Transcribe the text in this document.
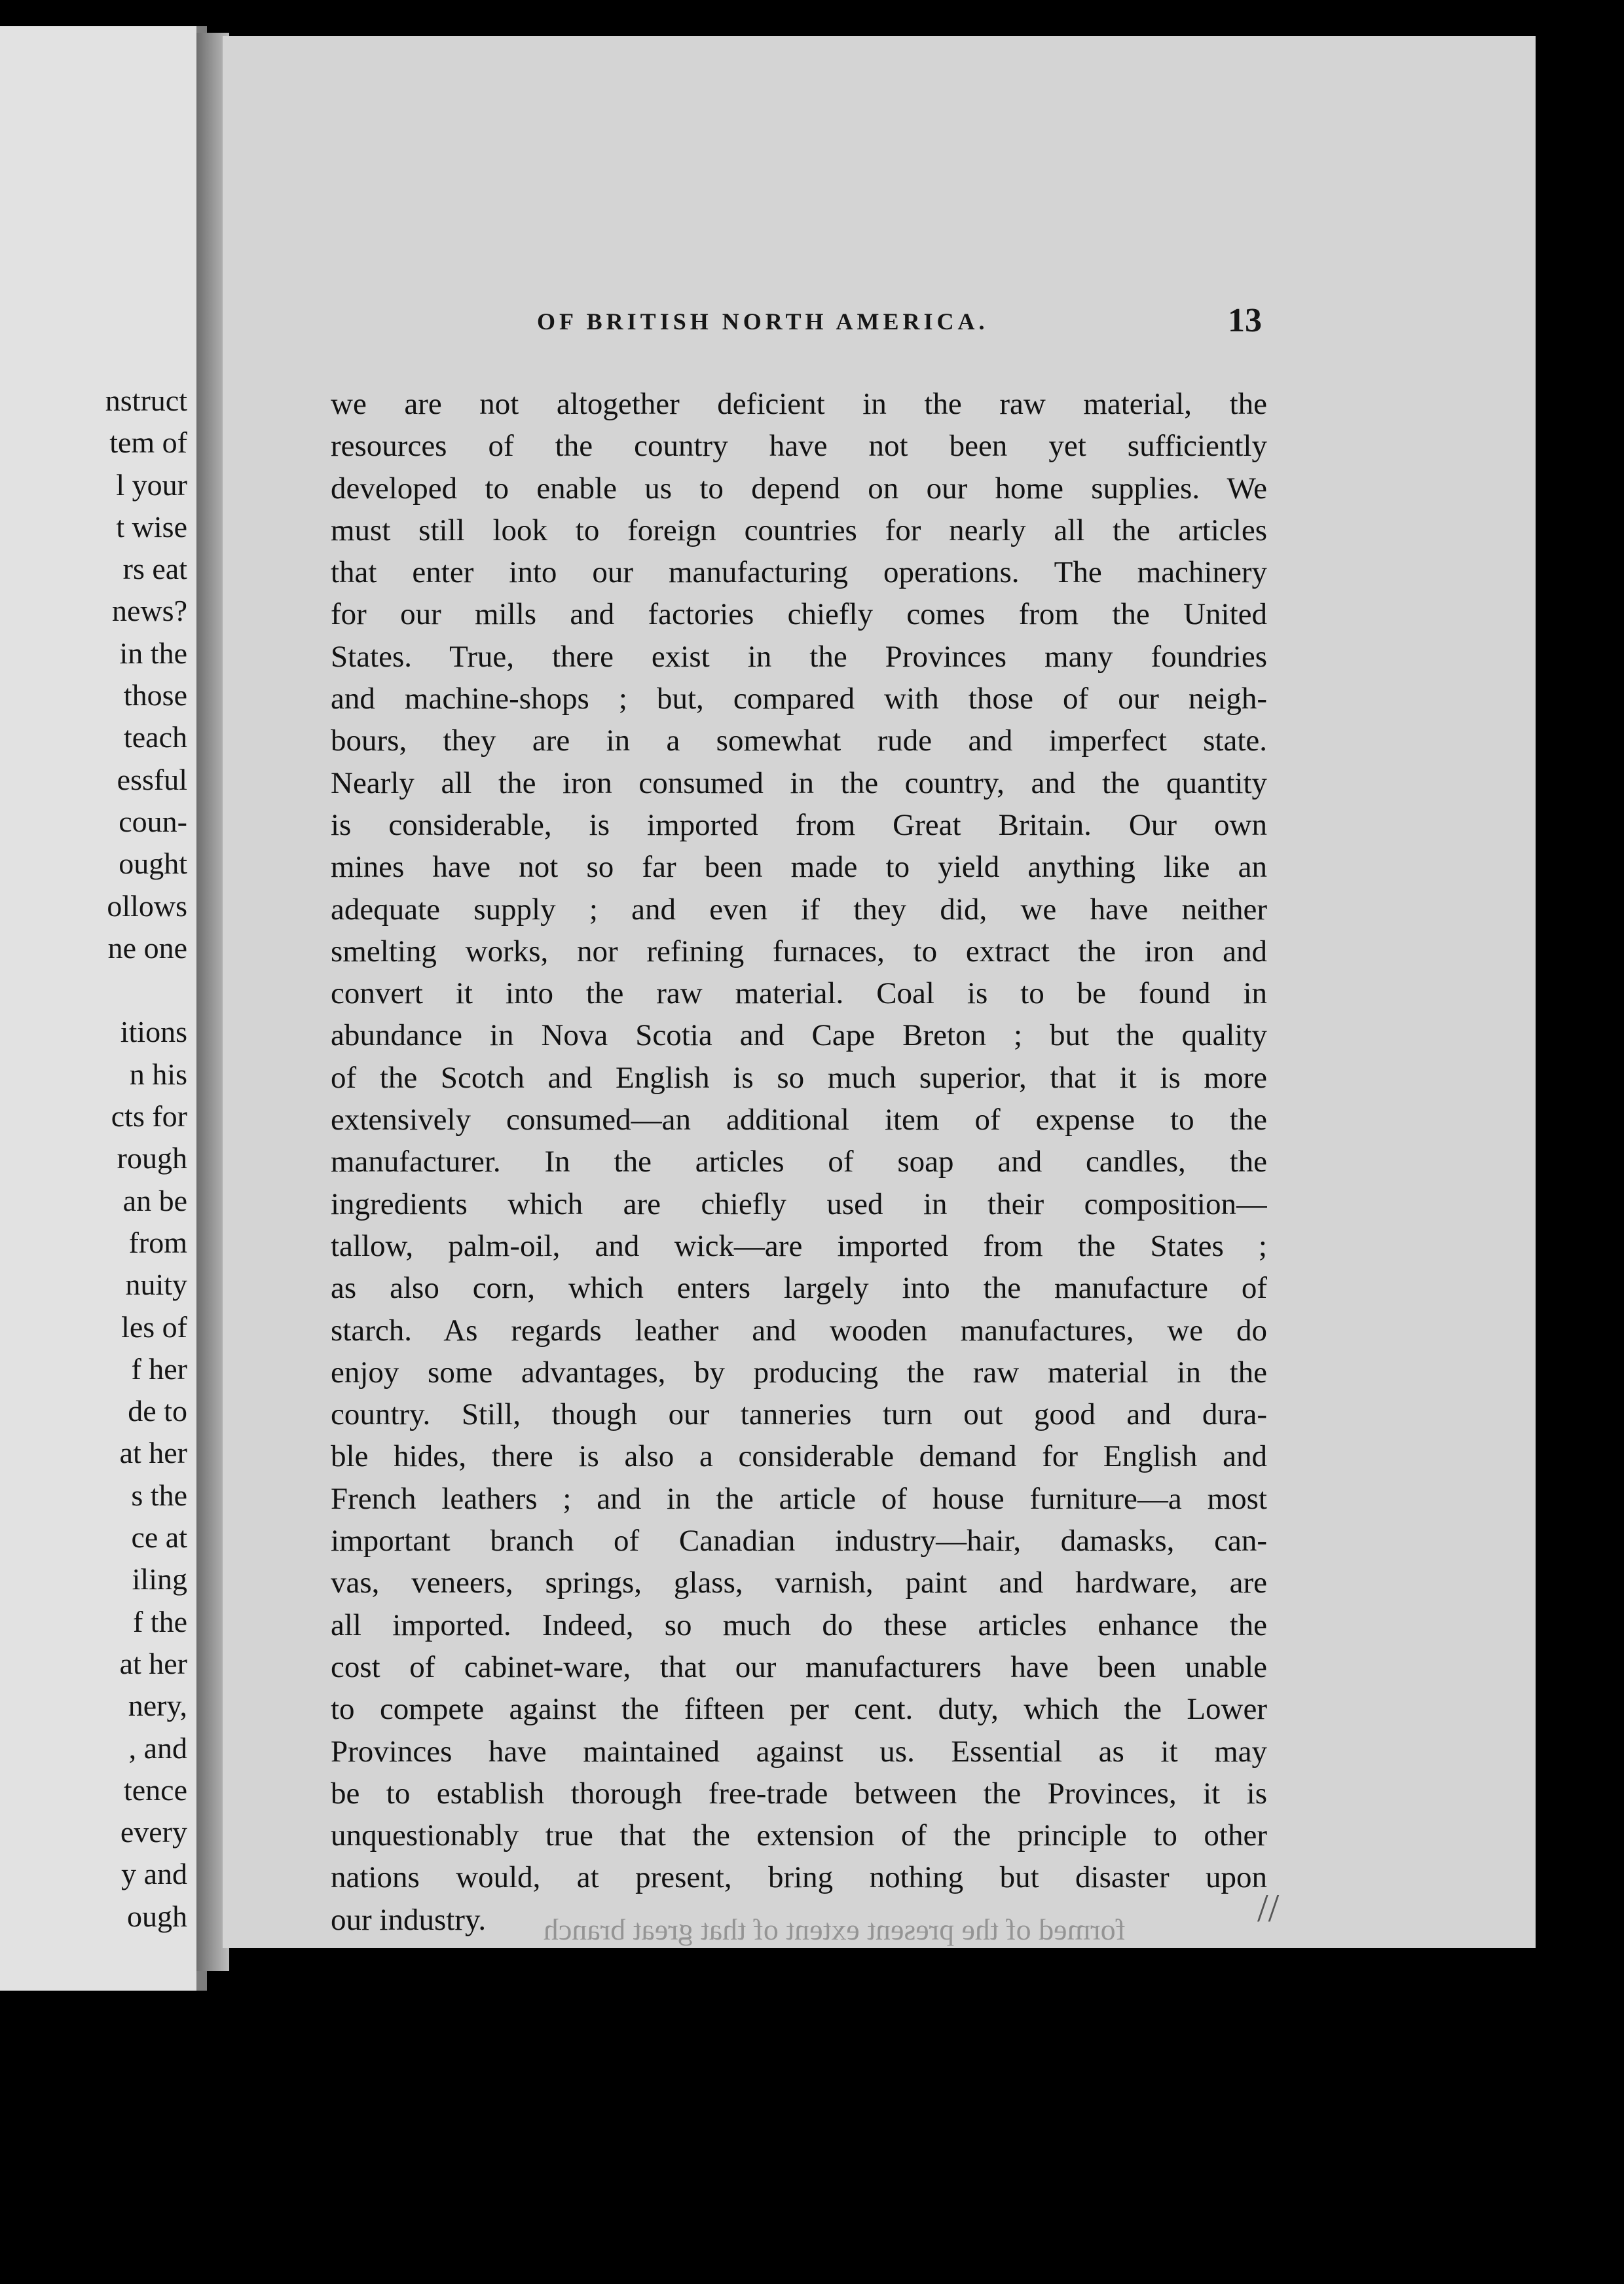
nstruct
tem of
l your
t wise
rs eat
news?
in the
those
teach
essful
coun-
ought
ollows
ne one
itions
n his
cts for
rough
an be
from
nuity
les of
f her
de to
at her
s the
ce at
iling
f the
at her
nery,
, and
tence
every
y and
ough
OF BRITISH NORTH AMERICA.	13
we are not altogether deficient in the raw material, the
resources of the country have not been yet sufficiently
developed to enable us to depend on our home supplies. We
must still look to foreign countries for nearly all the articles
that enter into our manufacturing operations. The machinery
for our mills and factories chiefly comes from the United
States. True, there exist in the Provinces many foundries
and machine-shops ; but, compared with those of our neigh-
bours, they are in a somewhat rude and imperfect state.
Nearly all the iron consumed in the country, and the quantity
is considerable, is imported from Great Britain. Our own
mines have not so far been made to yield anything like an
adequate supply ; and even if they did, we have neither
smelting works, nor refining furnaces, to extract the iron and
convert it into the raw material. Coal is to be found in
abundance in Nova Scotia and Cape Breton ; but the quality
of the Scotch and English is so much superior, that it is more
extensively consumed—an additional item of expense to the
manufacturer. In the articles of soap and candles, the
ingredients which are chiefly used in their composition—
tallow, palm-oil, and wick—are imported from the States ;
as also corn, which enters largely into the manufacture of
starch. As regards leather and wooden manufactures, we do
enjoy some advantages, by producing the raw material in the
country. Still, though our tanneries turn out good and dura-
ble hides, there is also a considerable demand for English and
French leathers ; and in the article of house furniture—a most
important branch of Canadian industry—hair, damasks, can-
vas, veneers, springs, glass, varnish, paint and hardware, are
all imported. Indeed, so much do these articles enhance the
cost of cabinet-ware, that our manufacturers have been unable
to compete against the fifteen per cent. duty, which the Lower
Provinces have maintained against us. Essential as it may
be to establish thorough free-trade between the Provinces, it is
unquestionably true that the extension of the principle to other
nations would, at present, bring nothing but disaster upon
our industry.	formed of the present extent of that great branch	//
